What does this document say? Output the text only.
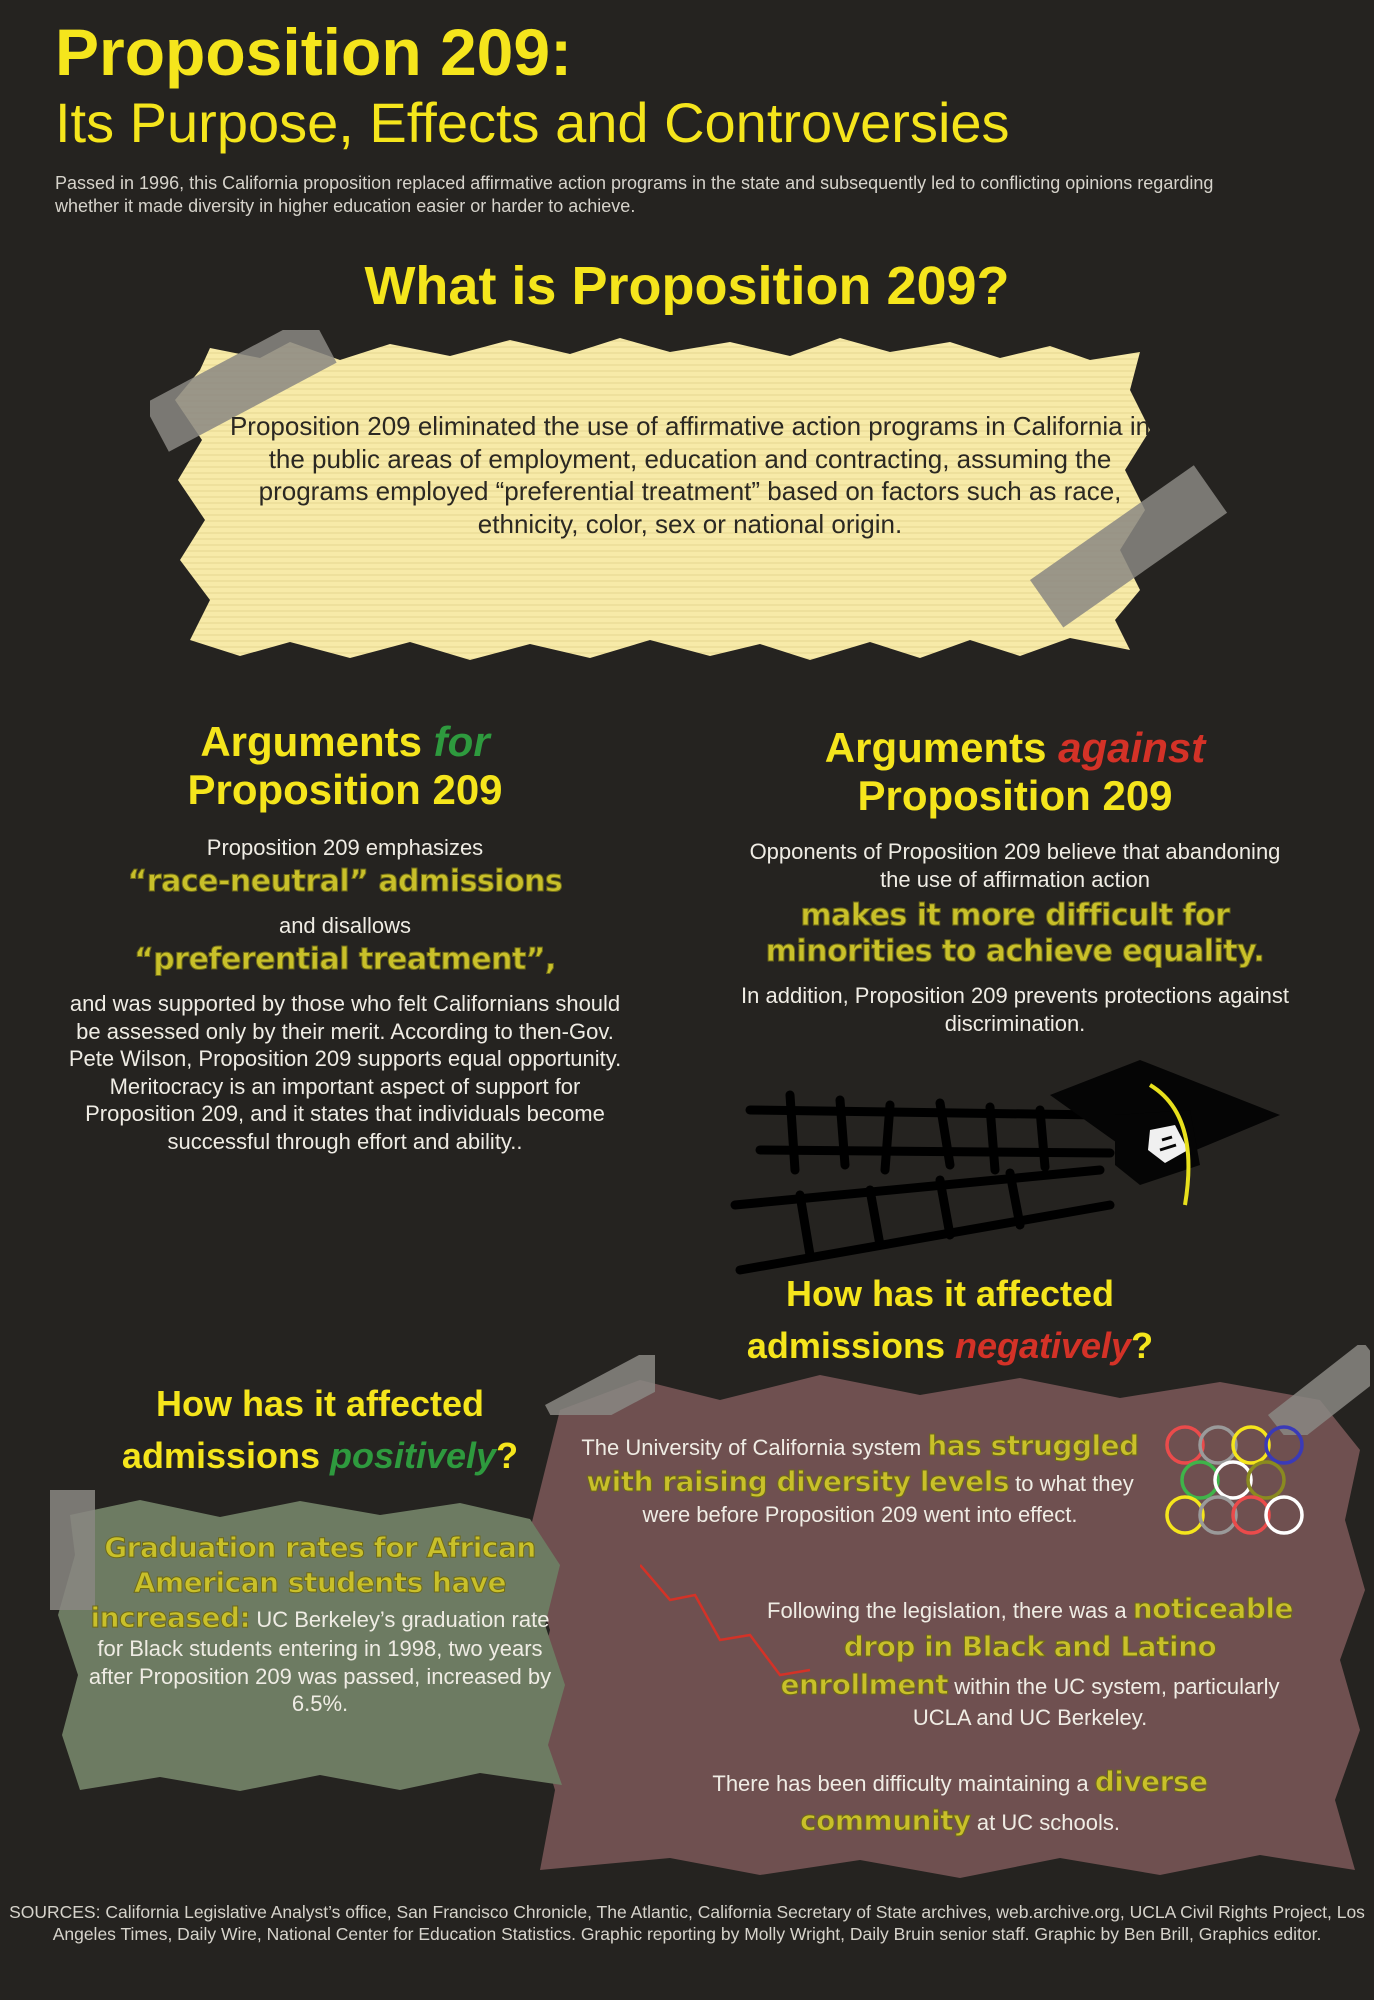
Proposition 209:
Its Purpose, Effects and Controversies
Passed in 1996, this California proposition replaced affirmative action programs in the state and subsequently led to conflicting opinions regarding whether it made diversity in higher education easier or harder to achieve.
What is Proposition 209?
Proposition 209 eliminated the use of affirmative action programs in California in the public areas of employment, education and contracting, assuming the programs employed “preferential treatment” based on factors such as race, ethnicity, color, sex or national origin.
Arguments for
Proposition 209
Proposition 209 emphasizes
“race-neutral” admissions
and disallows
“preferential treatment”,
and was supported by those who felt Californians should be assessed only by their merit. According to then-Gov. Pete Wilson, Proposition 209 supports equal opportunity. Meritocracy is an important aspect of support for Proposition 209, and it states that individuals become successful through effort and ability..
Arguments against
Proposition 209
Opponents of Proposition 209 believe that abandoning the use of affirmation action
makes it more difficult for minorities to achieve equality.
In addition, Proposition 209 prevents protections against discrimination.
How has it affected
admissions negatively?
How has it affected
admissions positively?	The University of California system has struggled with raising diversity levels to what they were before Proposition 209 went into effect.
Following the legislation, there was a noticeable drop in Black and Latino enrollment within the UC system, particularly UCLA and UC Berkeley.
There has been difficulty maintaining a diverse community at UC schools.
Graduation rates for African American students have increased: UC Berkeley’s graduation rate for Black students entering in 1998, two years after Proposition 209 was passed, increased by 6.5%.
SOURCES: California Legislative Analyst’s office, San Francisco Chronicle, The Atlantic, California Secretary of State archives, web.archive.org, UCLA Civil Rights Project, Los Angeles Times, Daily Wire, National Center for Education Statistics. Graphic reporting by Molly Wright, Daily Bruin senior staff. Graphic by Ben Brill, Graphics editor.
